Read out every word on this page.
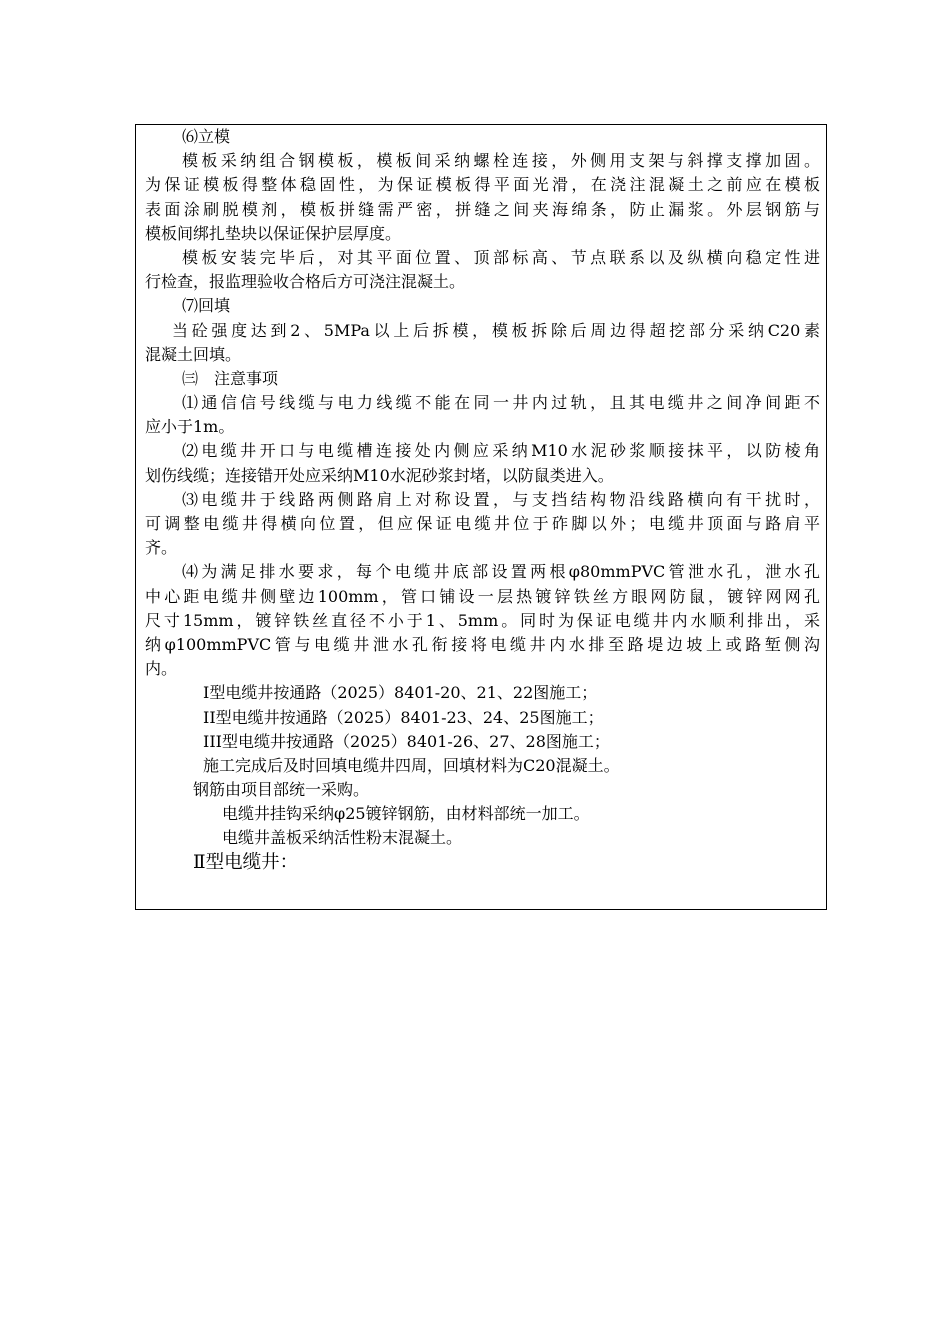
⑹立模
模板采纳组合钢模板，模板间采纳螺栓连接，外侧用支架与斜撑支撑加固。
为保证模板得整体稳固性，为保证模板得平面光滑，在浇注混凝土之前应在模板
表面涂刷脱模剂，模板拼缝需严密，拼缝之间夹海绵条，防止漏浆。外层钢筋与
模板间绑扎垫块以保证保护层厚度。
模板安装完毕后，对其平面位置、顶部标高、节点联系以及纵横向稳定性进
行检查，报监理验收合格后方可浇注混凝土。
⑺回填
当砼强度达到2、5MPa以上后拆模，模板拆除后周边得超挖部分采纳C20素
混凝土回填。
㈢　注意事项
⑴通信信号线缆与电力线缆不能在同一井内过轨，且其电缆井之间净间距不
应小于1m。
⑵电缆井开口与电缆槽连接处内侧应采纳M10水泥砂浆顺接抹平，以防棱角
划伤线缆；连接错开处应采纳M10水泥砂浆封堵，以防鼠类进入。
⑶电缆井于线路两侧路肩上对称设置，与支挡结构物沿线路横向有干扰时，
可调整电缆井得横向位置，但应保证电缆井位于砟脚以外；电缆井顶面与路肩平
齐。
⑷为满足排水要求，每个电缆井底部设置两根φ80mmPVC管泄水孔，泄水孔
中心距电缆井侧壁边100mm，管口铺设一层热镀锌铁丝方眼网防鼠，镀锌网网孔
尺寸15mm，镀锌铁丝直径不小于1、5mm。同时为保证电缆井内水顺利排出，采
纳φ100mmPVC管与电缆井泄水孔衔接将电缆井内水排至路堤边坡上或路堑侧沟
内。
I型电缆井按通路（2025）8401-20、21、22图施工；
II型电缆井按通路（2025）8401-23、24、25图施工；
III型电缆井按通路（2025）8401-26、27、28图施工；
施工完成后及时回填电缆井四周，回填材料为C20混凝土。
钢筋由项目部统一采购。
电缆井挂钩采纳φ25镀锌钢筋，由材料部统一加工。
电缆井盖板采纳活性粉末混凝土。
Ⅱ型电缆井：
